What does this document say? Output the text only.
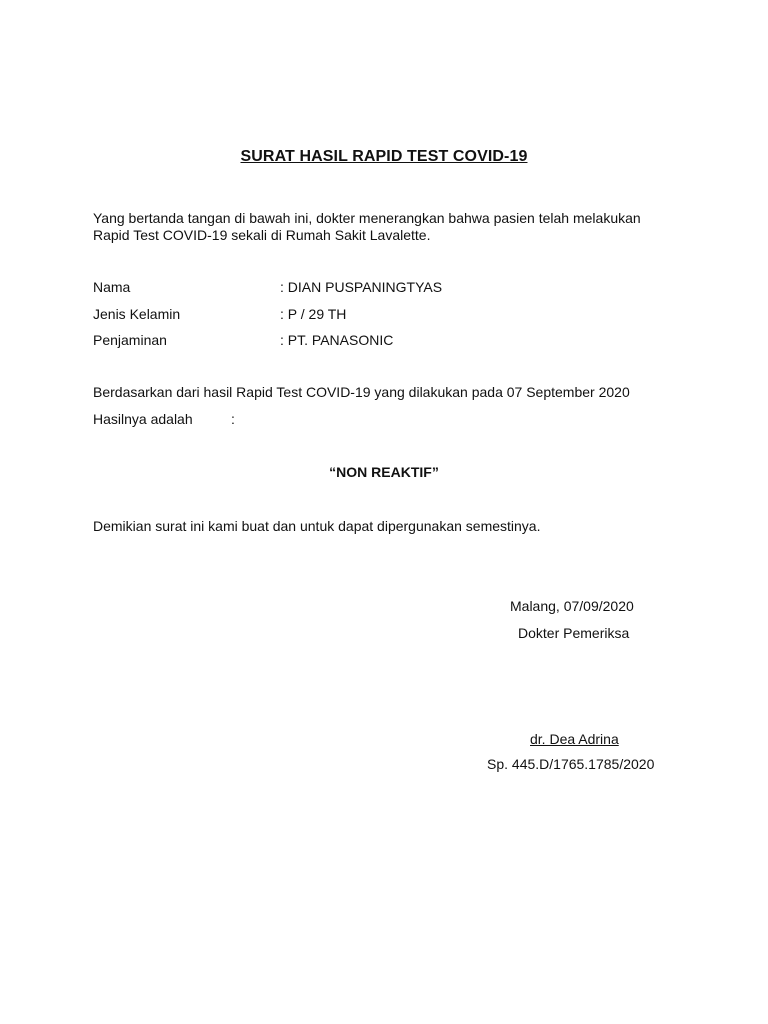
SURAT HASIL RAPID TEST COVID-19
Yang bertanda tangan di bawah ini, dokter menerangkan bahwa pasien telah melakukan
Rapid Test COVID-19 sekali di Rumah Sakit Lavalette.
Nama	: DIAN PUSPANINGTYAS
Jenis Kelamin	: P / 29 TH
Penjaminan	: PT. PANASONIC
Berdasarkan dari hasil Rapid Test COVID-19 yang dilakukan pada 07 September 2020
Hasilnya adalah	:
“NON REAKTIF”
Demikian surat ini kami buat dan untuk dapat dipergunakan semestinya.
Malang, 07/09/2020
Dokter Pemeriksa
dr. Dea Adrina
Sp. 445.D/1765.1785/2020
